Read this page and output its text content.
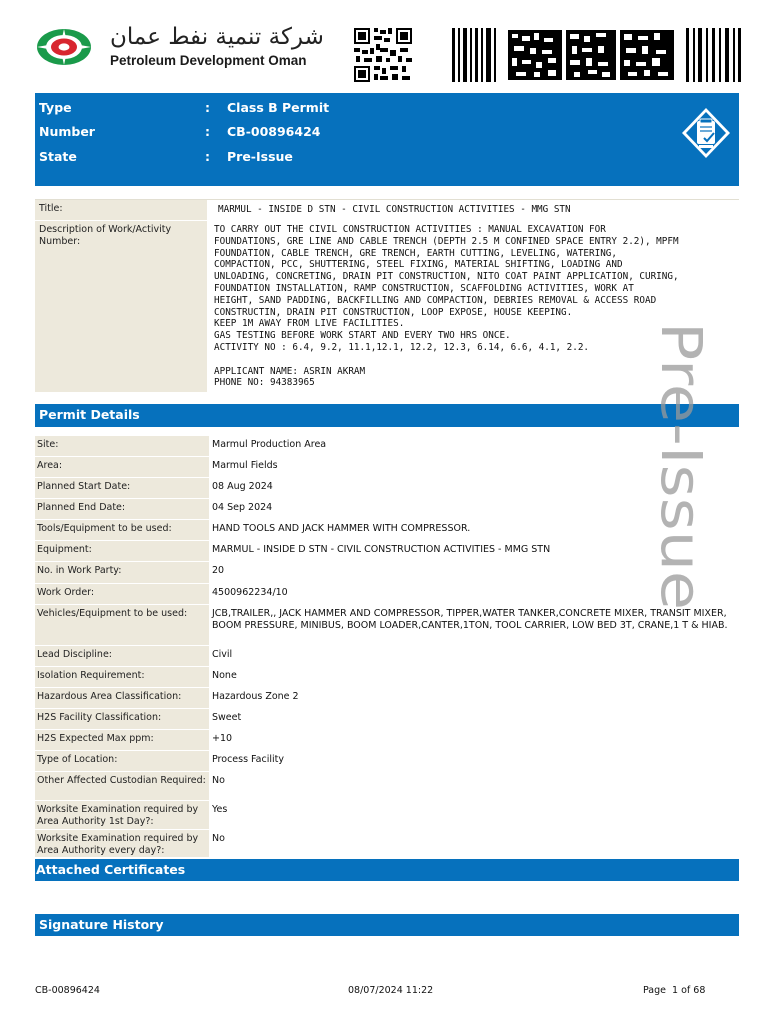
شركة تنمية نفط عمان
Petroleum Development Oman
Type	: Class B Permit
Number	: CB-00896424
State	: Pre-Issue
Title:	MARMUL - INSIDE D STN - CIVIL CONSTRUCTION ACTIVITIES - MMG STN
Description of Work/Activity Number:

TO CARRY OUT THE CIVIL CONSTRUCTION ACTIVITIES : MANUAL EXCAVATION FOR

FOUNDATIONS, GRE LINE AND CABLE TRENCH (DEPTH 2.5 M CONFINED SPACE ENTRY 2.2), MPFM

FOUNDATION, CABLE TRENCH, GRE TRENCH, EARTH CUTTING, LEVELING, WATERING,

COMPACTION, PCC, SHUTTERING, STEEL FIXING, MATERIAL SHIFTING, LOADING AND

UNLOADING, CONCRETING, DRAIN PIT CONSTRUCTION, NITO COAT PAINT APPLICATION, CURING,

FOUNDATION INSTALLATION, RAMP CONSTRUCTION, SCAFFOLDING ACTIVITIES, WORK AT

HEIGHT, SAND PADDING, BACKFILLING AND COMPACTION, DEBRIES REMOVAL & ACCESS ROAD

CONSTRUCTIN, DRAIN PIT CONSTRUCTION, LOOP EXPOSE, HOUSE KEEPING.

KEEP 1M AWAY FROM LIVE FACILITIES.

GAS TESTING BEFORE WORK START AND EVERY TWO HRS ONCE.

ACTIVITY NO : 6.4, 9.2, 11.1,12.1, 12.2, 12.3, 6.14, 6.6, 4.1, 2.2.

APPLICANT NAME: ASRIN AKRAM

PHONE NO: 94383965

Permit Details
Site:	Marmul Production Area
Area:	Marmul Fields
Planned Start Date:	08 Aug 2024
Planned End Date:	04 Sep 2024
Tools/Equipment to be used:	HAND TOOLS AND JACK HAMMER WITH COMPRESSOR.
Equipment:	MARMUL - INSIDE D STN - CIVIL CONSTRUCTION ACTIVITIES - MMG STN
No. in Work Party:	20
Work Order:	4500962234/10
Vehicles/Equipment to be used:	JCB,TRAILER,, JACK HAMMER AND COMPRESSOR, TIPPER,WATER TANKER,CONCRETE MIXER, TRANSIT MIXER, BOOM PRESSURE, MINIBUS, BOOM LOADER,CANTER,1TON, TOOL CARRIER, LOW BED 3T, CRANE,1 T & HIAB.
Lead Discipline:	Civil
Isolation Requirement:	None
Hazardous Area Classification:	Hazardous Zone 2
H2S Facility Classification:	Sweet
H2S Expected Max ppm:	+10
Type of Location:	Process Facility
Other Affected Custodian Required: No
Worksite Examination required by Area Authority 1st Day?:
Yes
Worksite Examination required by Area Authority every day?:
No
Attached Certificates
Signature History
Pre-Issue
CB-00896424	08/07/2024 11:22	Page  1 of 68
